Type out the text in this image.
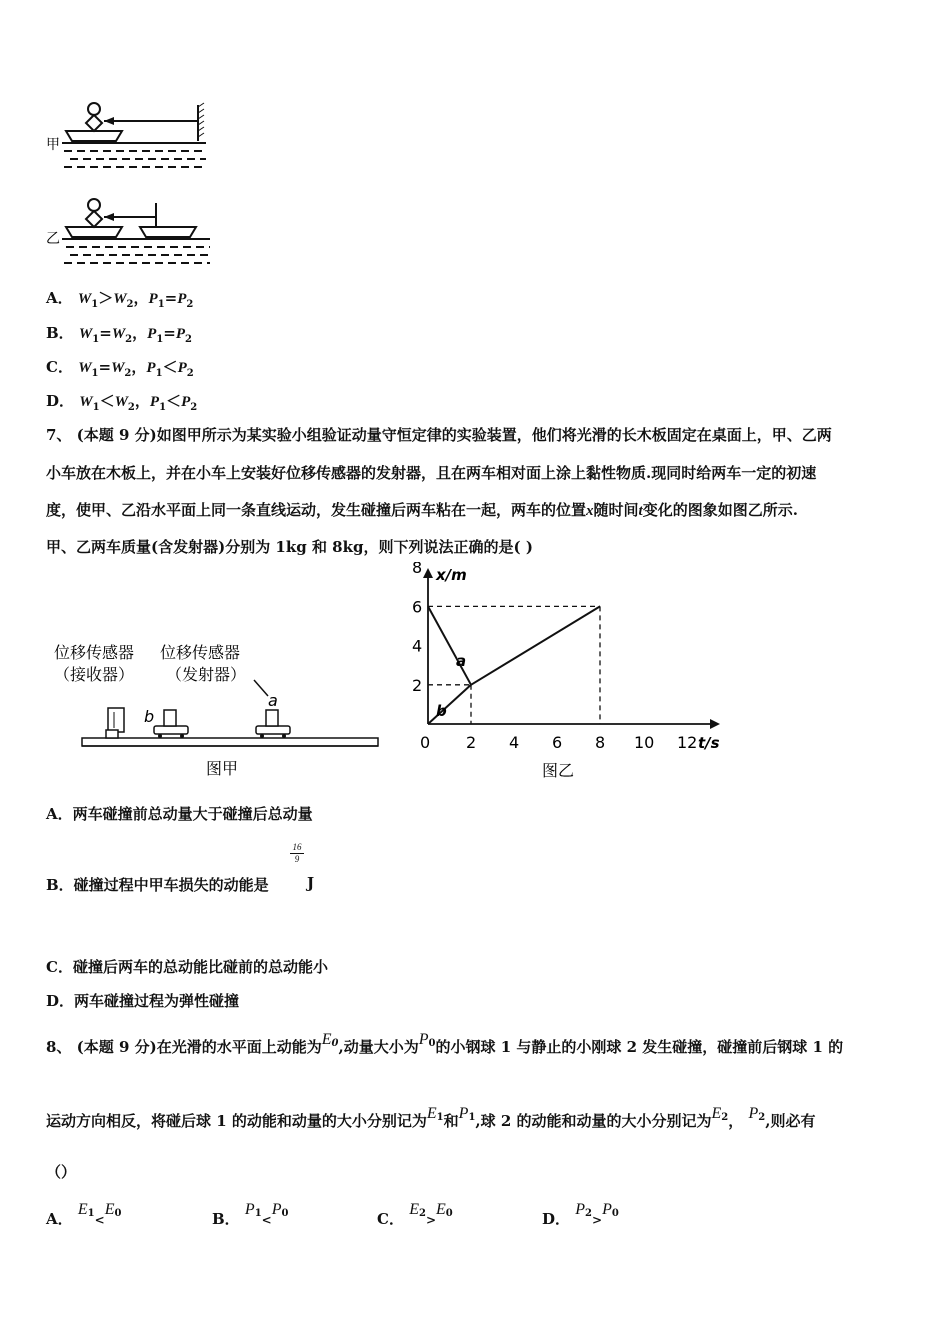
甲
乙
A． $W_1>W_2$，$P_1=P_2$
B． $W_1=W_2$，$P_1=P_2$
C． $W_1=W_2$，$P_1<P_2$
D． $W_1<W_2$，$P_1<P_2$
7、 (本题 9 分)如图甲所示为某实验小组验证动量守恒定律的实验装置，他们将光滑的长木板固定在桌面上，甲、乙两
小车放在木板上，并在小车上安装好位移传感器的发射器，且在两车相对面上涂上黏性物质.现同时给两车一定的初速
度，使甲、乙沿水平面上同一条直线运动，发生碰撞后两车粘在一起，两车的位置x随时间t变化的图象如图乙所示.
甲、乙两车质量(含发射器)分别为 1kg 和 8kg，则下列说法正确的是( )
位移传感器
（接收器）
位移传感器
（发射器）
a
b
图甲
x/m
t/s
0 2 4 6 8 10 12
2
4
6
8
a
b
图乙
A．两车碰撞前总动量大于碰撞后总动量
B．碰撞过程中甲车损失的动能是
$\frac{16}{9}$
J
C．碰撞后两车的总动能比碰前的总动能小
D．两车碰撞过程为弹性碰撞
8、 (本题 9 分)在光滑的水平面上动能为$E^0$,动量大小为$P^0$的小钢球 1 与静止的小刚球 2 发生碰撞，碰撞前后钢球 1 的
运动方向相反，将碰后球 1 的动能和动量的大小分别记为$E^1$和$P^1$,球 2 的动能和动量的大小分别记为$E^2$， $P^2$,则必有
（）
A． $E^1<E^0$	B． $P^1<P^0$	C． $E^2>E^0$	D． $P^2>P^0$
